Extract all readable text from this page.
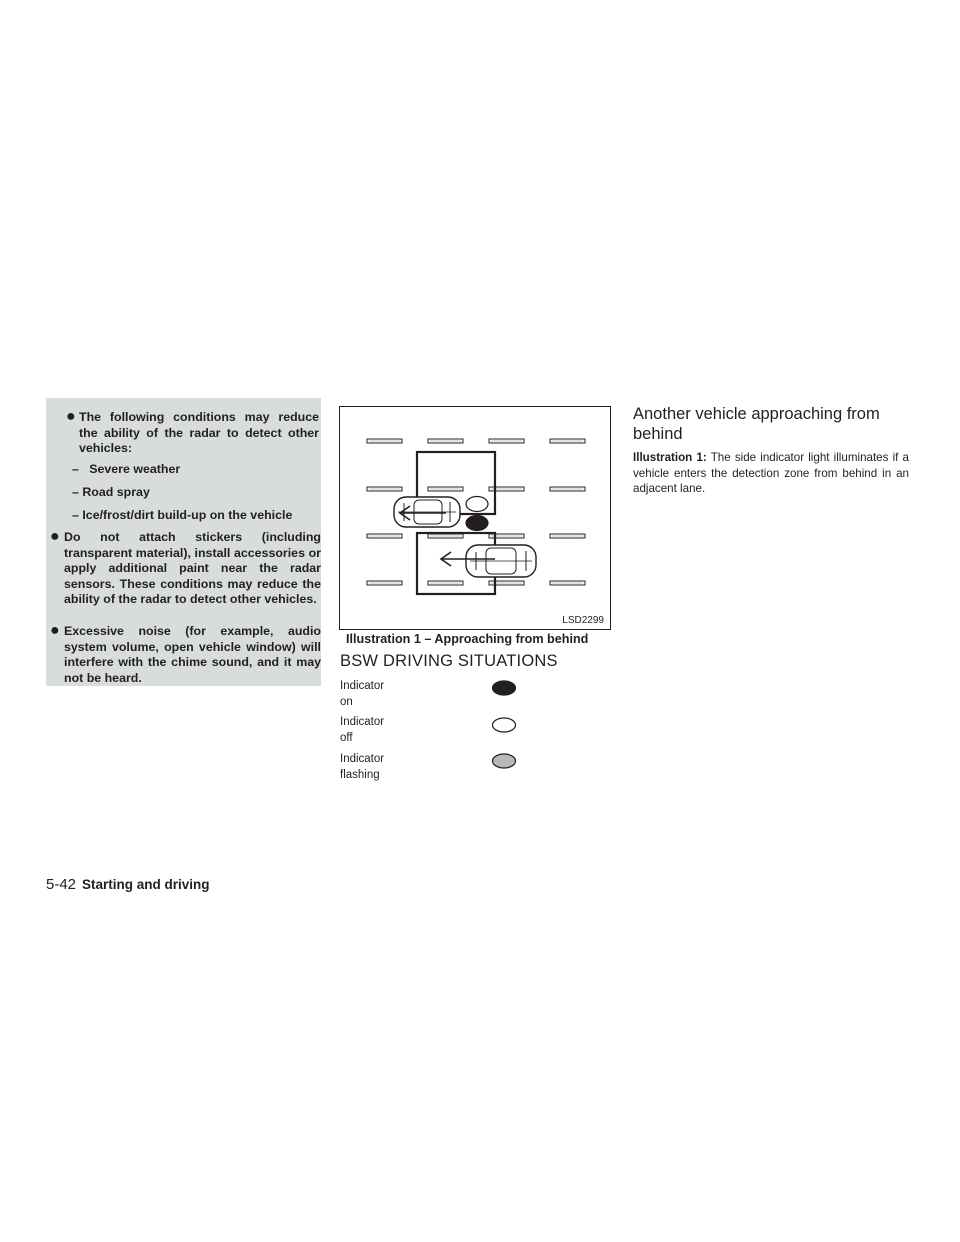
● The following conditions may reduce the ability of the radar to detect other vehicles:
– Severe weather
– Road spray
– Ice/frost/dirt build-up on the vehicle
● Do not attach stickers (including transparent material), install accessories or apply additional paint near the radar sensors. These conditions may reduce the ability of the radar to detect other vehicles.
● Excessive noise (for example, audio system volume, open vehicle window) will interfere with the chime sound, and it may not be heard.
LSD2299
Illustration 1 – Approaching from behind
BSW DRIVING SITUATIONS
Indicator
on
Indicator
off
Indicator
flashing
Another vehicle approaching from behind
Illustration 1: The side indicator light illuminates if a vehicle enters the detection zone from behind in an adjacent lane.
5-42 Starting and driving
